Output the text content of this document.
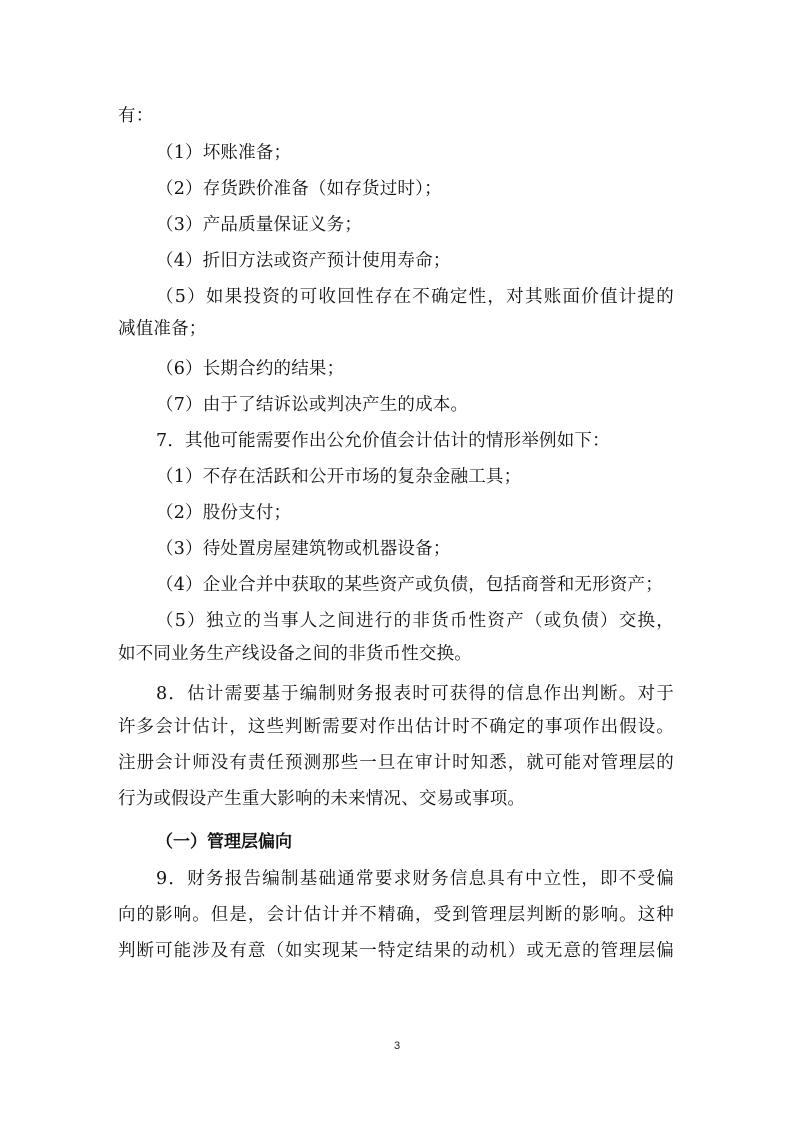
有：
（1）坏账准备；
（2）存货跌价准备（如存货过时）；
（3）产品质量保证义务；
（4）折旧方法或资产预计使用寿命；
（5）如果投资的可收回性存在不确定性，对其账面价值计提的
减值准备；
（6）长期合约的结果；
（7）由于了结诉讼或判决产生的成本。
7．其他可能需要作出公允价值会计估计的情形举例如下：
（1）不存在活跃和公开市场的复杂金融工具；
（2）股份支付；
（3）待处置房屋建筑物或机器设备；
（4）企业合并中获取的某些资产或负债，包括商誉和无形资产；
（5）独立的当事人之间进行的非货币性资产（或负债）交换，
如不同业务生产线设备之间的非货币性交换。
8．估计需要基于编制财务报表时可获得的信息作出判断。对于
许多会计估计，这些判断需要对作出估计时不确定的事项作出假设。
注册会计师没有责任预测那些一旦在审计时知悉，就可能对管理层的
行为或假设产生重大影响的未来情况、交易或事项。
（一）管理层偏向
9．财务报告编制基础通常要求财务信息具有中立性，即不受偏
向的影响。但是，会计估计并不精确，受到管理层判断的影响。这种
判断可能涉及有意（如实现某一特定结果的动机）或无意的管理层偏
3
